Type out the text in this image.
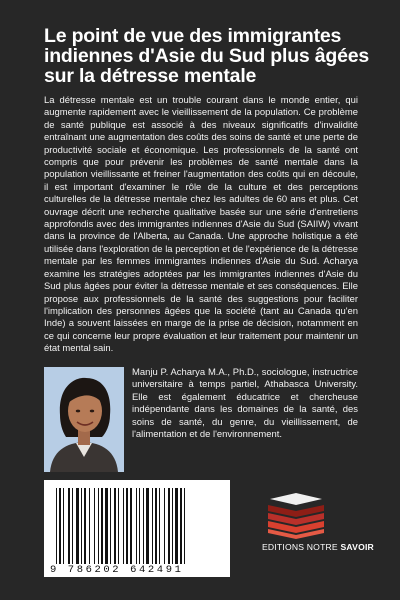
Le point de vue des immigrantes indiennes d'Asie du Sud plus âgées sur la détresse mentale

La détresse mentale est un trouble courant dans le monde entier, qui augmente rapidement avec le vieillissement de la population. Ce problème de santé publique est associé à des niveaux significatifs d'invalidité entraînant une augmentation des coûts des soins de santé et une perte de productivité sociale et économique. Les professionnels de la santé ont compris que pour prévenir les problèmes de santé mentale dans la population vieillissante et freiner l'augmentation des coûts qui en découle, il est important d'examiner le rôle de la culture et des perceptions culturelles de la détresse mentale chez les adultes de 60 ans et plus. Cet ouvrage décrit une recherche qualitative basée sur une série d'entretiens approfondis avec des immigrantes indiennes d'Asie du Sud (SAIIW) vivant dans la province de l'Alberta, au Canada. Une approche holistique a été utilisée dans l'exploration de la perception et de l'expérience de la détresse mentale par les femmes immigrantes indiennes d'Asie du Sud. Acharya examine les stratégies adoptées par les immigrantes indiennes d'Asie du Sud plus âgées pour éviter la détresse mentale et ses conséquences. Elle propose aux professionnels de la santé des suggestions pour faciliter l'implication des personnes âgées que la société (tant au Canada qu'en Inde) a souvent laissées en marge de la prise de décision, notamment en ce qui concerne leur propre évaluation et leur traitement pour maintenir un état mental sain.

Manju P. Acharya M.A., Ph.D., sociologue, instructrice universitaire à temps partiel, Athabasca University. Elle est également éducatrice et chercheuse indépendante dans les domaines de la santé, des soins de santé, du genre, du vieillissement, de l'alimentation et de l'environnement.

9 786202 642491
EDITIONS NOTRE SAVOIR
